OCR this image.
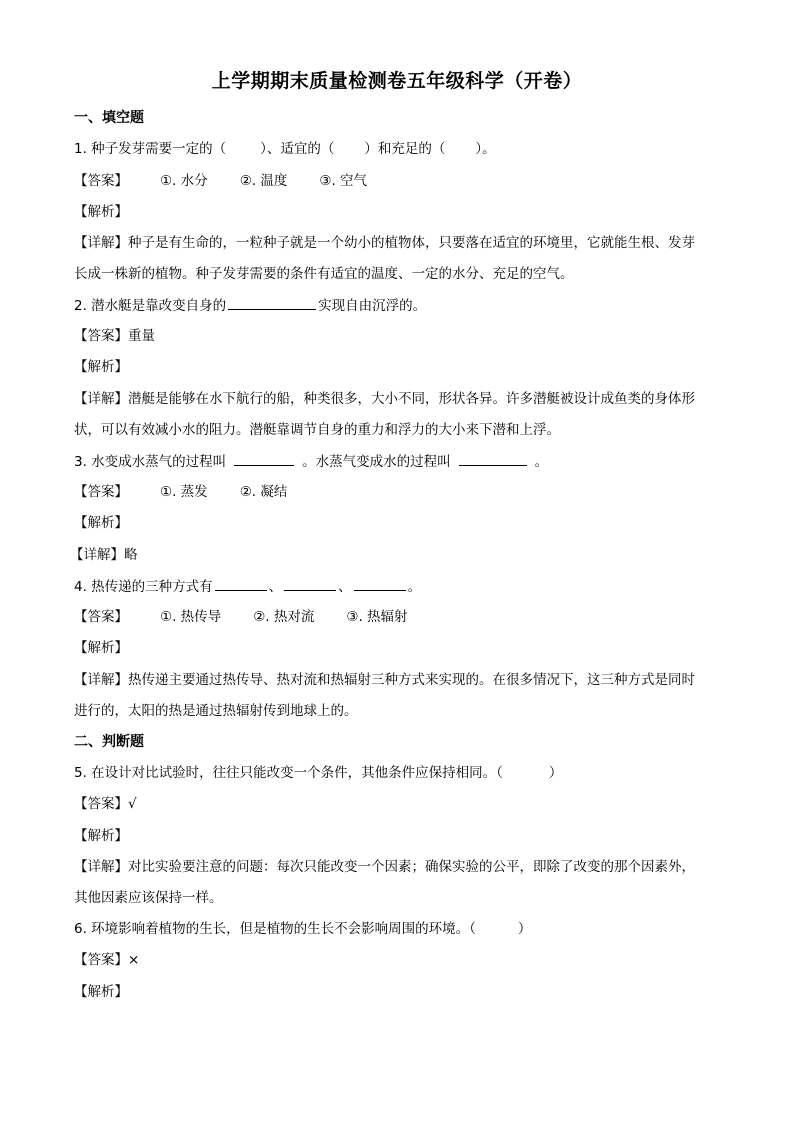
上学期期末质量检测卷五年级科学（开卷）
一、填空题
1. 种子发芽需要一定的（	）、适宜的（ ）和充足的（ ）。
【答案】 ①. 水分 ②. 温度 ③. 空气
【解析】
【详解】种子是有生命的，一粒种子就是一个幼小的植物体，只要落在适宜的环境里，它就能生根、发芽
长成一株新的植物。种子发芽需要的条件有适宜的温度、一定的水分、充足的空气。
2. 潜水艇是靠改变自身的	实现自由沉浮的。
【答案】重量
【解析】
【详解】潜艇是能够在水下航行的船，种类很多，大小不同，形状各异。许多潜艇被设计成鱼类的身体形
状，可以有效减小水的阻力。潜艇靠调节自身的重力和浮力的大小来下潜和上浮。
3. 水变成水蒸气的过程叫	。水蒸气变成水的过程叫	。
【答案】 ①. 蒸发 ②. 凝结
【解析】
【详解】略
4. 热传递的三种方式有	、	、	。
【答案】 ①. 热传导 ②. 热对流 ③. 热辐射
【解析】
【详解】热传递主要通过热传导、热对流和热辐射三种方式来实现的。在很多情况下，这三种方式是同时
进行的，太阳的热是通过热辐射传到地球上的。
二、判断题
5. 在设计对比试验时，往往只能改变一个条件，其他条件应保持相同。（	）
【答案】√
【解析】
【详解】对比实验要注意的问题：每次只能改变一个因素；确保实验的公平，即除了改变的那个因素外，
其他因素应该保持一样。
6. 环境影响着植物的生长，但是植物的生长不会影响周围的环境。（	）
【答案】×
【解析】
